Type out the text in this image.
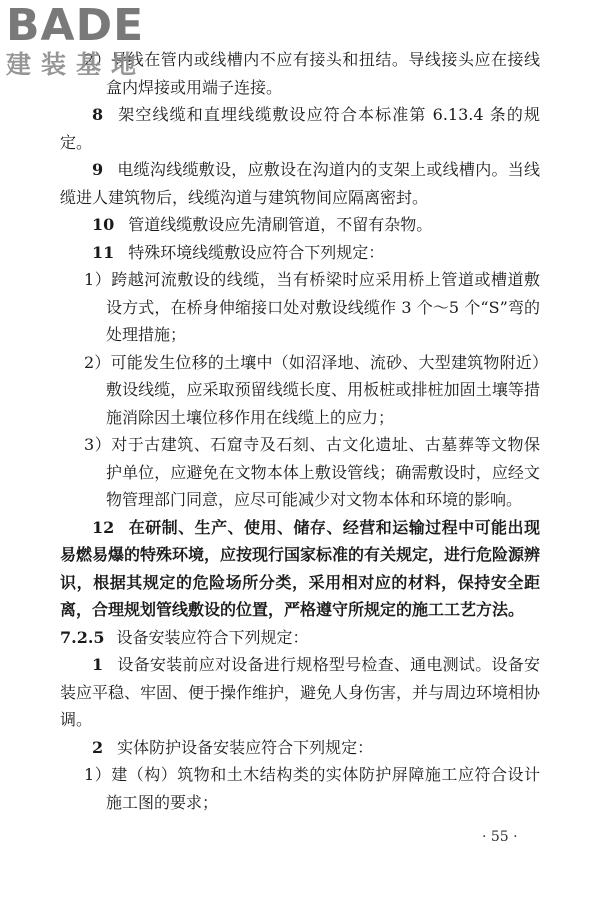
BADE
建装基地

2）导线在管内或线槽内不应有接头和扭结。导线接头应在接线盒内焊接或用端子连接。

8 架空线缆和直埋线缆敷设应符合本标准第 6.13.4 条的规定。

9 电缆沟线缆敷设，应敷设在沟道内的支架上或线槽内。当线缆进人建筑物后，线缆沟道与建筑物间应隔离密封。

10 管道线缆敷设应先清刷管道，不留有杂物。

11 特殊环境线缆敷设应符合下列规定：

1）跨越河流敷设的线缆，当有桥梁时应采用桥上管道或槽道敷设方式，在桥身伸缩接口处对敷设线缆作 3 个～5 个“S”弯的处理措施；

2）可能发生位移的土壤中（如沼泽地、流砂、大型建筑物附近）敷设线缆，应采取预留线缆长度、用板桩或排桩加固土壤等措施消除因土壤位移作用在线缆上的应力；

3）对于古建筑、石窟寺及石刻、古文化遗址、古墓葬等文物保护单位，应避免在文物本体上敷设管线；确需敷设时，应经文物管理部门同意，应尽可能减少对文物本体和环境的影响。

12 在研制、生产、使用、储存、经营和运输过程中可能出现易燃易爆的特殊环境，应按现行国家标准的有关规定，进行危险源辨识，根据其规定的危险场所分类，采用相对应的材料，保持安全距离，合理规划管线敷设的位置，严格遵守所规定的施工工艺方法。

7.2.5 设备安装应符合下列规定：

1 设备安装前应对设备进行规格型号检查、通电测试。设备安装应平稳、牢固、便于操作维护，避免人身伤害，并与周边环境相协调。

2 实体防护设备安装应符合下列规定：

1）建（构）筑物和土木结构类的实体防护屏障施工应符合设计施工图的要求；

· 55 ·
